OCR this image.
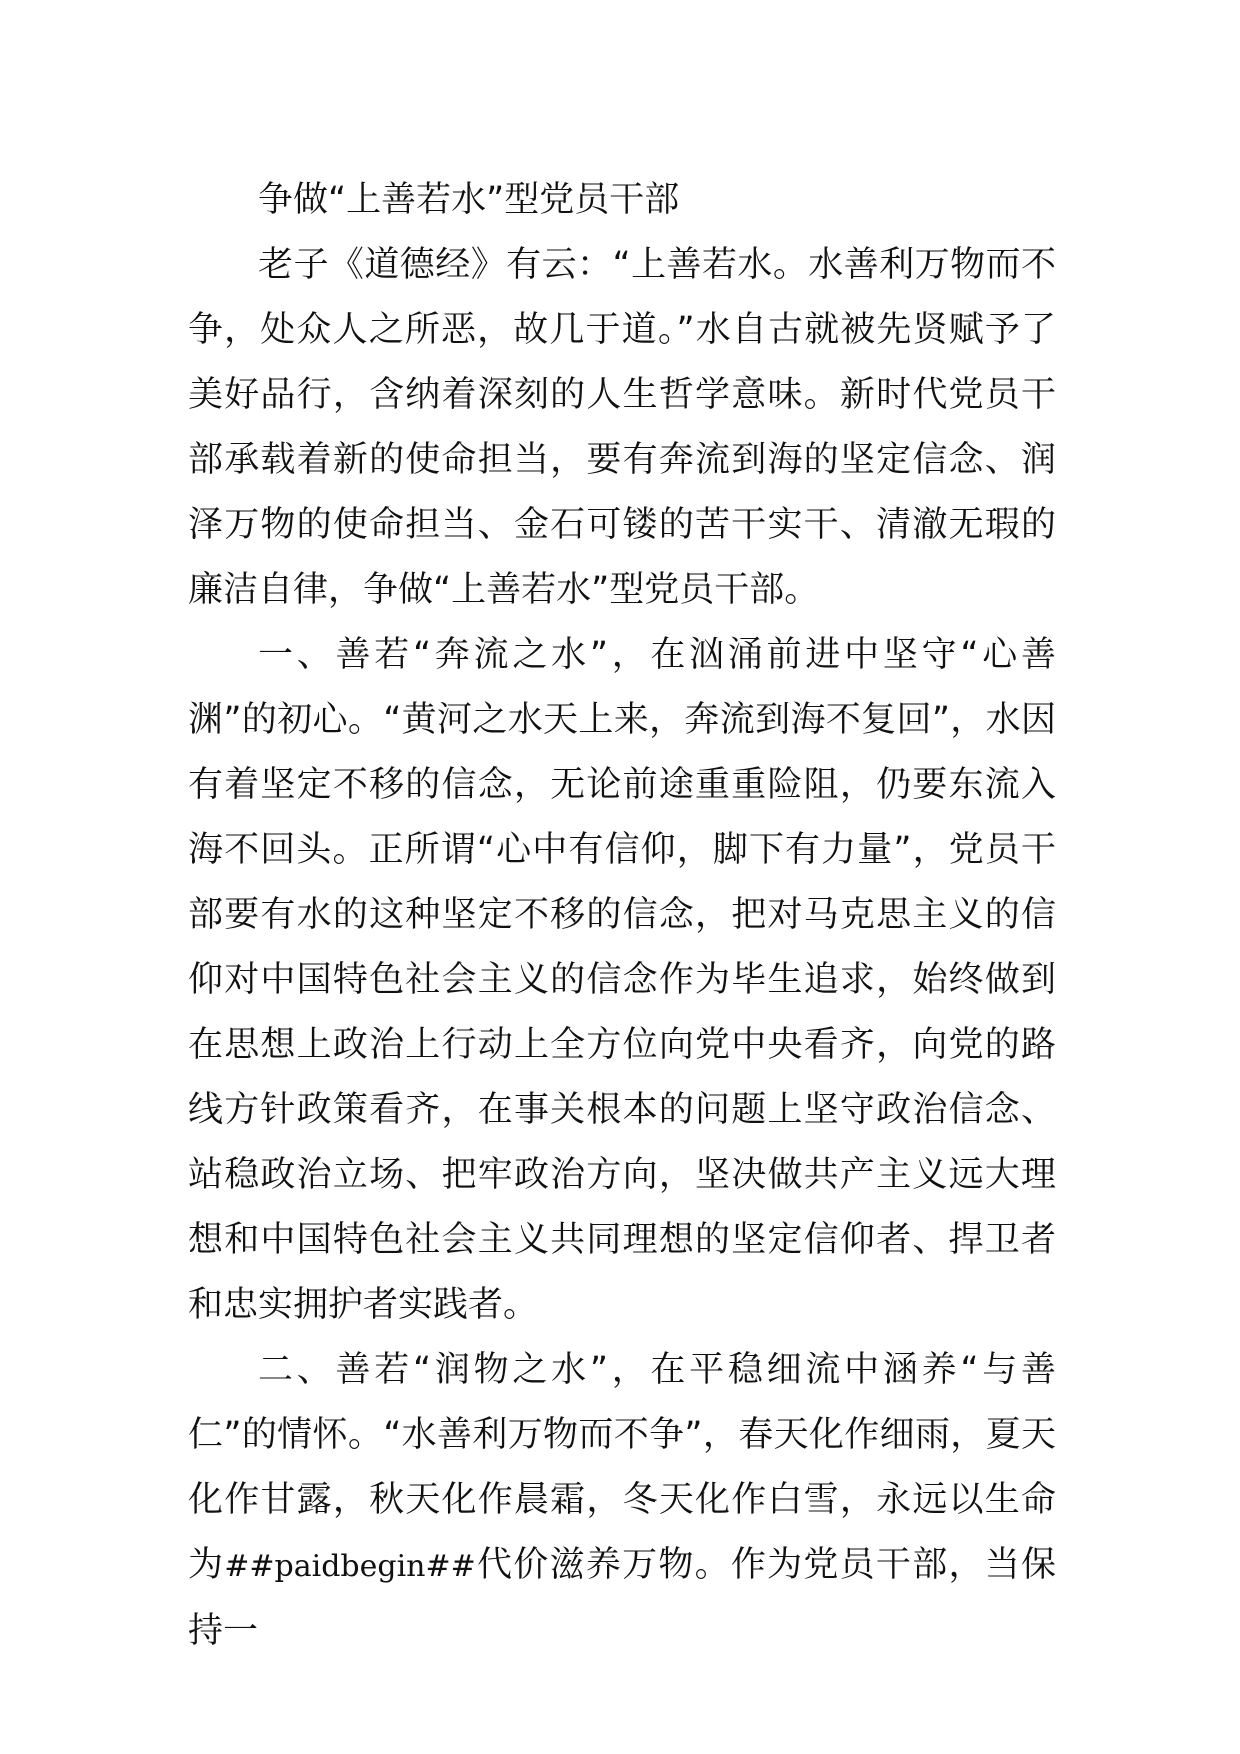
争做“上善若水”型党员干部

老子《道德经》有云：“上善若水。水善利万物而不争，处众人之所恶，故几于道。”水自古就被先贤赋予了美好品行，含纳着深刻的人生哲学意味。新时代党员干部承载着新的使命担当，要有奔流到海的坚定信念、润泽万物的使命担当、金石可镂的苦干实干、清澈无瑕的廉洁自律，争做“上善若水”型党员干部。

一、善若“奔流之水”，在汹涌前进中坚守“心善渊”的初心。“黄河之水天上来，奔流到海不复回”，水因有着坚定不移的信念，无论前途重重险阻，仍要东流入海不回头。正所谓“心中有信仰，脚下有力量”，党员干部要有水的这种坚定不移的信念，把对马克思主义的信仰对中国特色社会主义的信念作为毕生追求，始终做到在思想上政治上行动上全方位向党中央看齐，向党的路线方针政策看齐，在事关根本的问题上坚守政治信念、站稳政治立场、把牢政治方向，坚决做共产主义远大理想和中国特色社会主义共同理想的坚定信仰者、捍卫者和忠实拥护者实践者。

二、善若“润物之水”，在平稳细流中涵养“与善仁”的情怀。“水善利万物而不争”，春天化作细雨，夏天化作甘露，秋天化作晨霜，冬天化作白雪，永远以生命为##paidbegin##代价滋养万物。作为党员干部，当保持一
